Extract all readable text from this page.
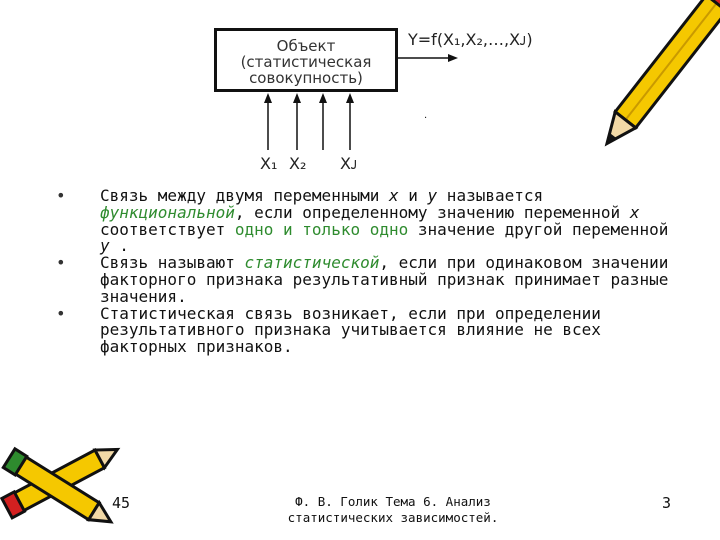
Объект
(статистическая
совокупность)
Y=f(X₁,X₂,…,Xᴊ)
X₁ X₂ Xᴊ
.
• Связь между двумя переменными x и y называется функциональной, если определенному значению переменной x соответствует одно и только одно значение другой переменной y .
• Связь называют статистической, если при одинаковом значении факторного признака результативный признак принимает разные значения.
• Статистическая связь возникает, если при определении результативного признака учитывается влияние не всех факторных признаков.
45	Ф. В. Голик Тема 6. Анализ
статистических зависимостей.
3
